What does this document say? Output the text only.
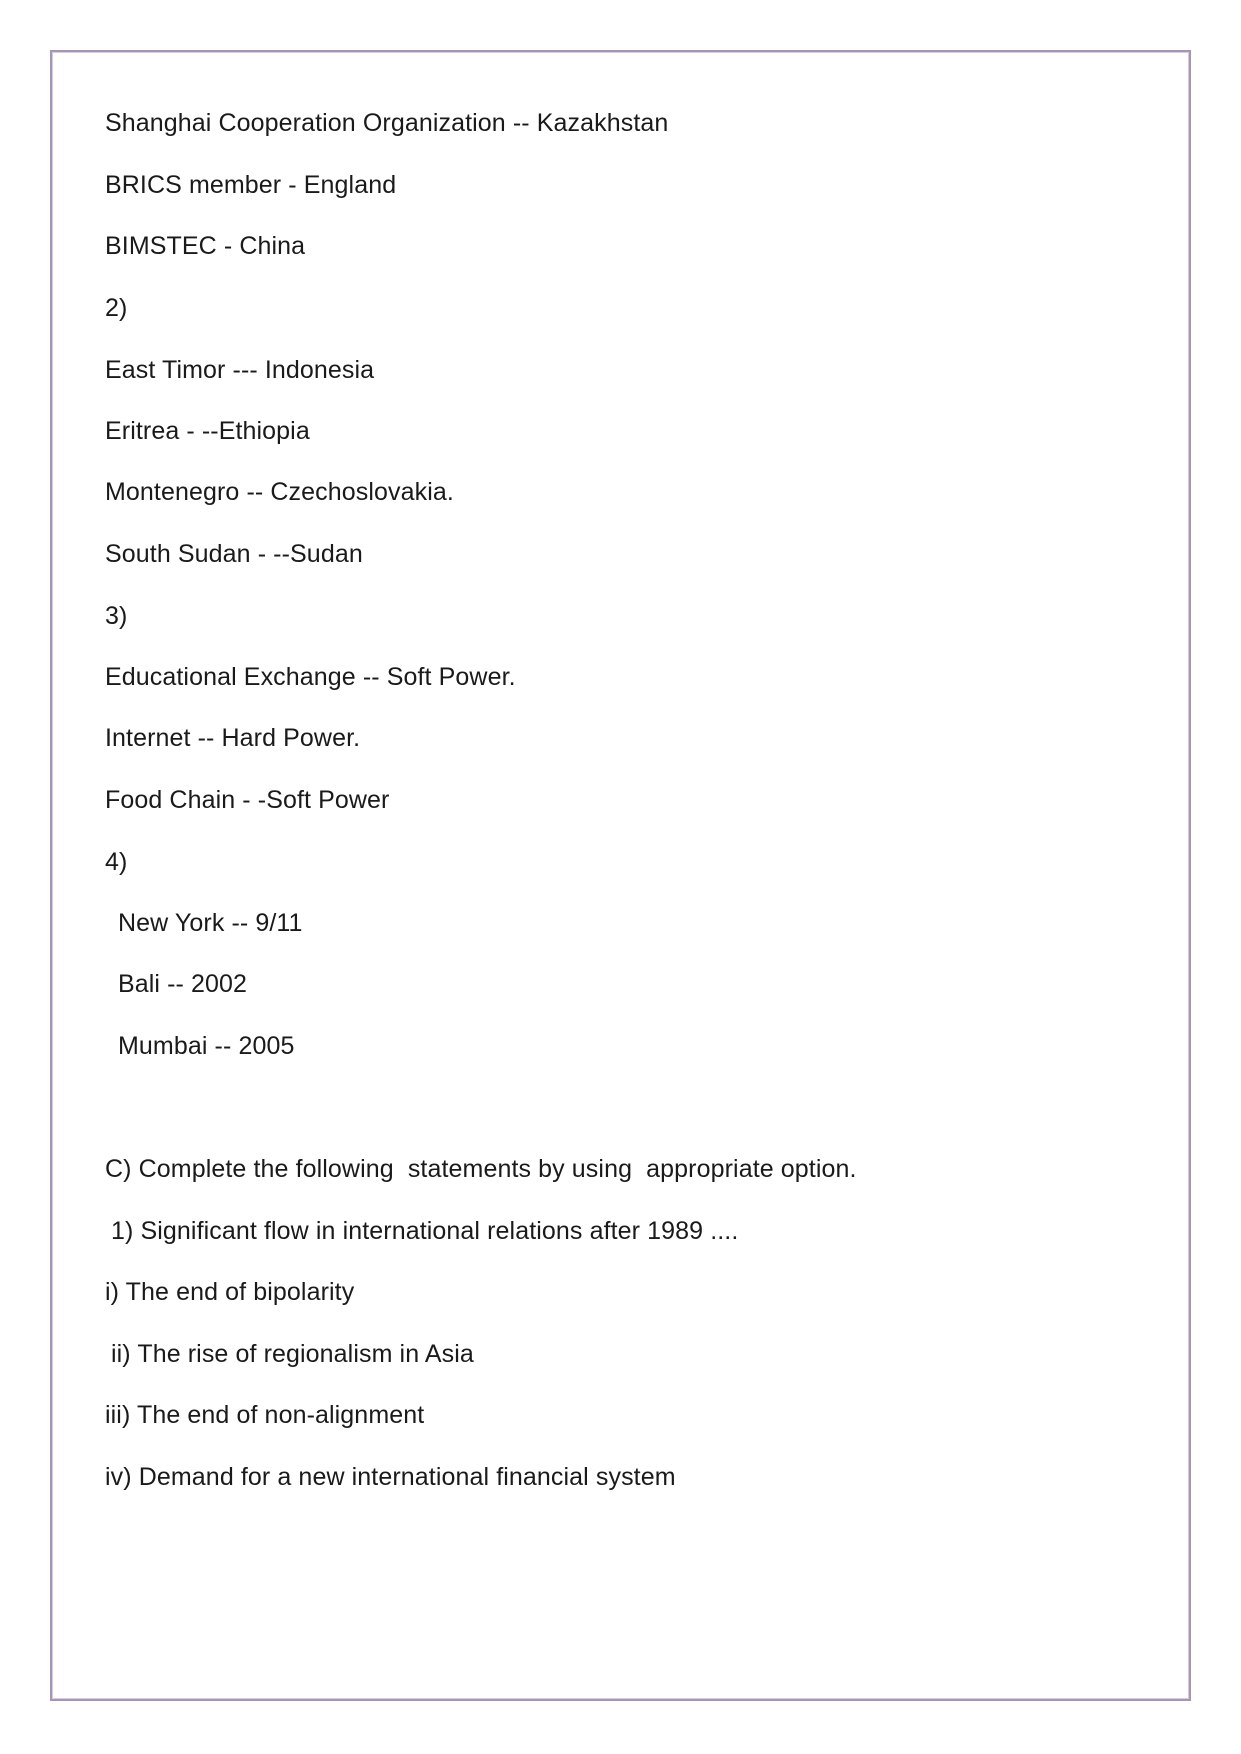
Shanghai Cooperation Organization -- Kazakhstan
BRICS member - England
BIMSTEC - China
2)
East Timor --- Indonesia
Eritrea - --Ethiopia
Montenegro -- Czechoslovakia.
South Sudan - --Sudan
3)
Educational Exchange -- Soft Power.
Internet -- Hard Power.
Food Chain - -Soft Power
4)
New York -- 9/11
Bali -- 2002
Mumbai -- 2005
C) Complete the following  statements by using  appropriate option.
1) Significant flow in international relations after 1989 ....
i) The end of bipolarity
ii) The rise of regionalism in Asia
iii) The end of non-alignment
iv) Demand for a new international financial system
